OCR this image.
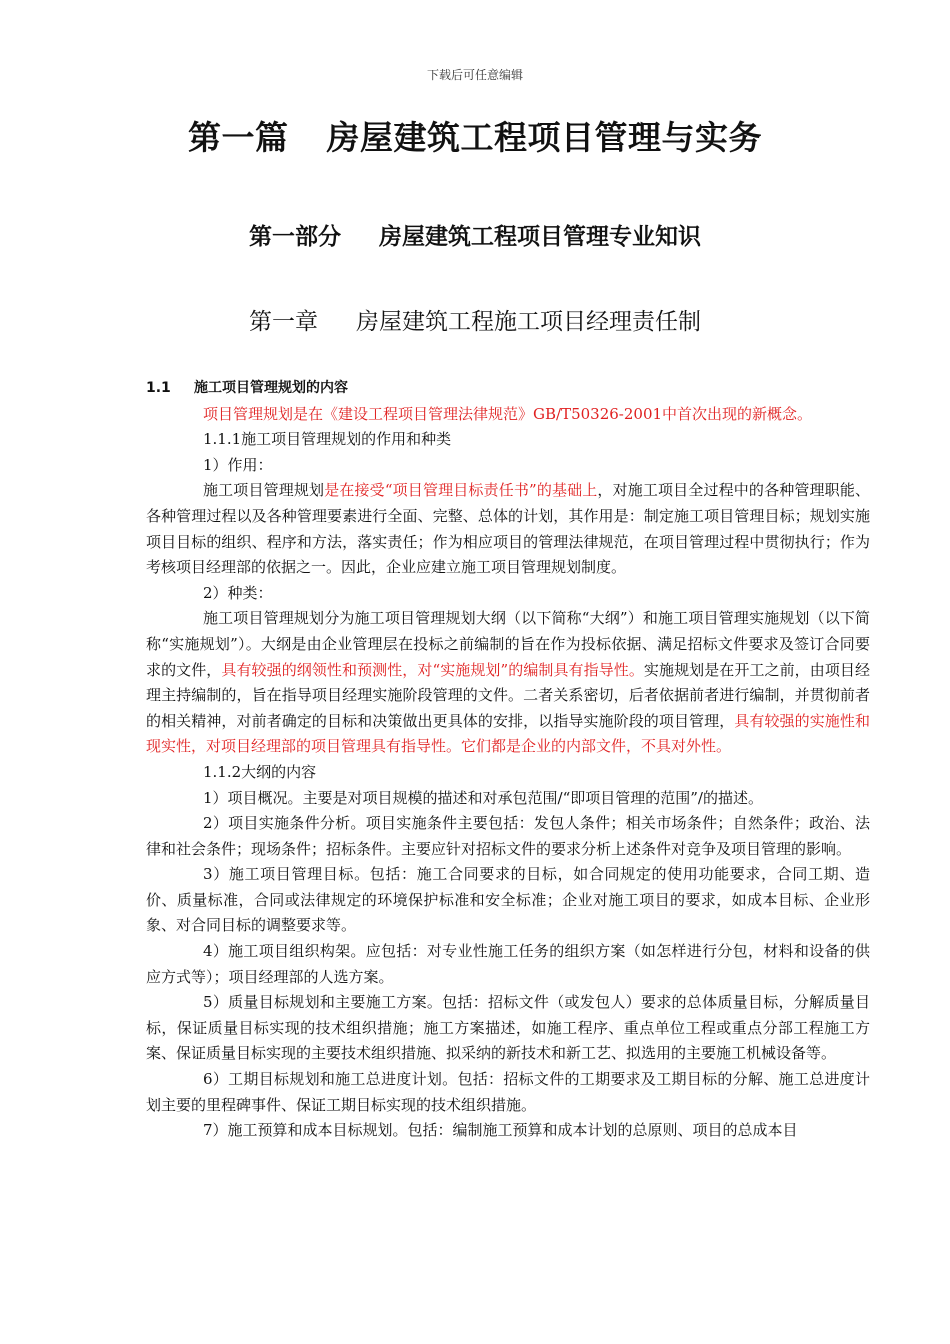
下载后可任意编辑
第一篇 房屋建筑工程项目管理与实务
第一部分 房屋建筑工程项目管理专业知识
第一章 房屋建筑工程施工项目经理责任制

1.1 施工项目管理规划的内容

项目管理规划是在《建设工程项目管理法律规范》GB/T50326-2001中首次出现的新概念。

1.1.1施工项目管理规划的作用和种类

1）作用：

施工项目管理规划是在接受“项目管理目标责任书”的基础上，对施工项目全过程中的各种管理职能、各种管理过程以及各种管理要素进行全面、完整、总体的计划，其作用是：制定施工项目管理目标；规划实施项目目标的组织、程序和方法，落实责任；作为相应项目的管理法律规范，在项目管理过程中贯彻执行；作为考核项目经理部的依据之一。因此，企业应建立施工项目管理规划制度。

2）种类：

施工项目管理规划分为施工项目管理规划大纲（以下简称“大纲”）和施工项目管理实施规划（以下简称“实施规划”）。大纲是由企业管理层在投标之前编制的旨在作为投标依据、满足招标文件要求及签订合同要求的文件，具有较强的纲领性和预测性，对“实施规划”的编制具有指导性。实施规划是在开工之前，由项目经理主持编制的，旨在指导项目经理实施阶段管理的文件。二者关系密切，后者依据前者进行编制，并贯彻前者的相关精神，对前者确定的目标和决策做出更具体的安排，以指导实施阶段的项目管理，具有较强的实施性和现实性，对项目经理部的项目管理具有指导性。它们都是企业的内部文件，不具对外性。

1.1.2大纲的内容

1）项目概况。主要是对项目规模的描述和对承包范围/“即项目管理的范围”/的描述。

2）项目实施条件分析。项目实施条件主要包括：发包人条件；相关市场条件；自然条件；政治、法律和社会条件；现场条件；招标条件。主要应针对招标文件的要求分析上述条件对竞争及项目管理的影响。

3）施工项目管理目标。包括：施工合同要求的目标，如合同规定的使用功能要求，合同工期、造价、质量标准，合同或法律规定的环境保护标准和安全标准；企业对施工项目的要求，如成本目标、企业形象、对合同目标的调整要求等。

4）施工项目组织构架。应包括：对专业性施工任务的组织方案（如怎样进行分包，材料和设备的供应方式等）；项目经理部的人选方案。

5）质量目标规划和主要施工方案。包括：招标文件（或发包人）要求的总体质量目标，分解质量目标，保证质量目标实现的技术组织措施；施工方案描述，如施工程序、重点单位工程或重点分部工程施工方案、保证质量目标实现的主要技术组织措施、拟采纳的新技术和新工艺、拟选用的主要施工机械设备等。

6）工期目标规划和施工总进度计划。包括：招标文件的工期要求及工期目标的分解、施工总进度计划主要的里程碑事件、保证工期目标实现的技术组织措施。

7）施工预算和成本目标规划。包括：编制施工预算和成本计划的总原则、项目的总成本目
